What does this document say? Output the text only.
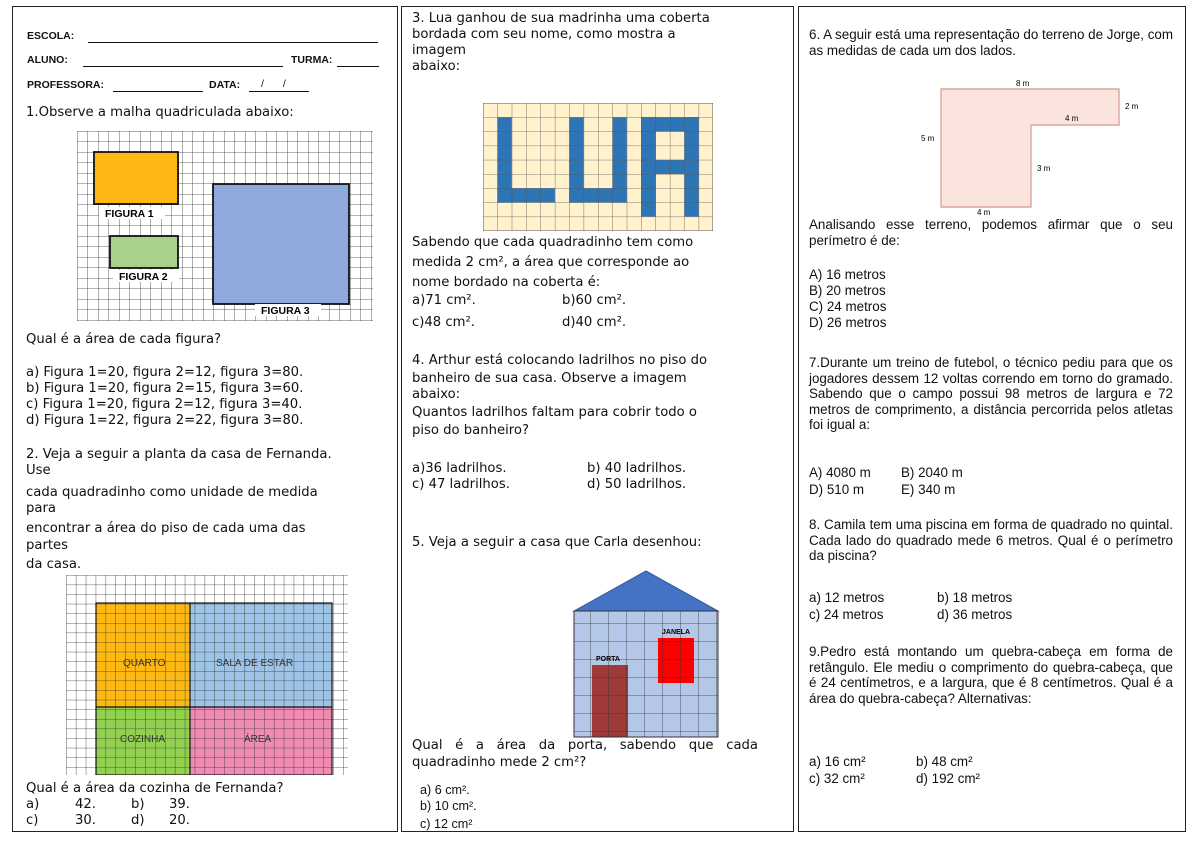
ESCOLA:
ALUNO:	TURMA:
PROFESSORA:	DATA: / /

1.Observe a malha quadriculada abaixo:

FIGURA 1
FIGURA 2
FIGURA 3

Qual é a área de cada figura?

a) Figura 1=20, figura 2=12, figura 3=80.
b) Figura 1=20, figura 2=15, figura 3=60.
c) Figura 1=20, figura 2=12, figura 3=40.
d) Figura 1=22, figura 2=22, figura 3=80.

2. Veja a seguir a planta da casa de Fernanda.

Use

cada quadradinho como unidade de medida

para

encontrar a área do piso de cada uma das

partes

da casa.

QUARTO	SALA DE ESTAR
COZINHA	ÁREA

Qual é a área da cozinha de Fernanda?

a)	42.	b) 39.
c)	30.	d) 20.

3. Lua ganhou de sua madrinha uma coberta

bordada com seu nome, como mostra a

imagem

abaixo:

Sabendo que cada quadradinho tem como

medida 2 cm², a área que corresponde ao

nome bordado na coberta é:

a)71 cm².	b)60 cm².
c)48 cm².	d)40 cm².

4. Arthur está colocando ladrilhos no piso do

banheiro de sua casa. Observe a imagem

abaixo:

Quantos ladrilhos faltam para cobrir todo o

piso do banheiro?

a)36 ladrilhos.	b) 40 ladrilhos.
c) 47 ladrilhos.	d) 50 ladrilhos.

5. Veja a seguir a casa que Carla desenhou:

PORTA
JANELA
Qual é a área da porta, sabendo que cada quadradinho mede 2 cm²?
a) 6 cm².
b) 10 cm².
c) 12 cm²
6. A seguir está uma representação do terreno de Jorge, com as medidas de cada um dos lados.
8 m
2 m
4 m
5 m
3 m
4 m
Analisando esse terreno, podemos afirmar que o seu perímetro é de:
A) 16 metros
B) 20 metros
C) 24 metros
D) 26 metros
7.Durante um treino de futebol, o técnico pediu para que os jogadores dessem 12 voltas correndo em torno do gramado. Sabendo que o campo possui 98 metros de largura e 72 metros de comprimento, a distância percorrida pelos atletas foi igual a:
A) 4080 m B) 2040 m
D) 510 m	E) 340 m
8. Camila tem uma piscina em forma de quadrado no quintal. Cada lado do quadrado mede 6 metros. Qual é o perímetro da piscina?
a) 12 metros	b) 18 metros
c) 24 metros	d) 36 metros
9.Pedro está montando um quebra-cabeça em forma de retângulo. Ele mediu o comprimento do quebra-cabeça, que é 24 centímetros, e a largura, que é 8 centímetros. Qual é a área do quebra-cabeça? Alternativas:
a) 16 cm²	b) 48 cm²
c) 32 cm²	d) 192 cm²
